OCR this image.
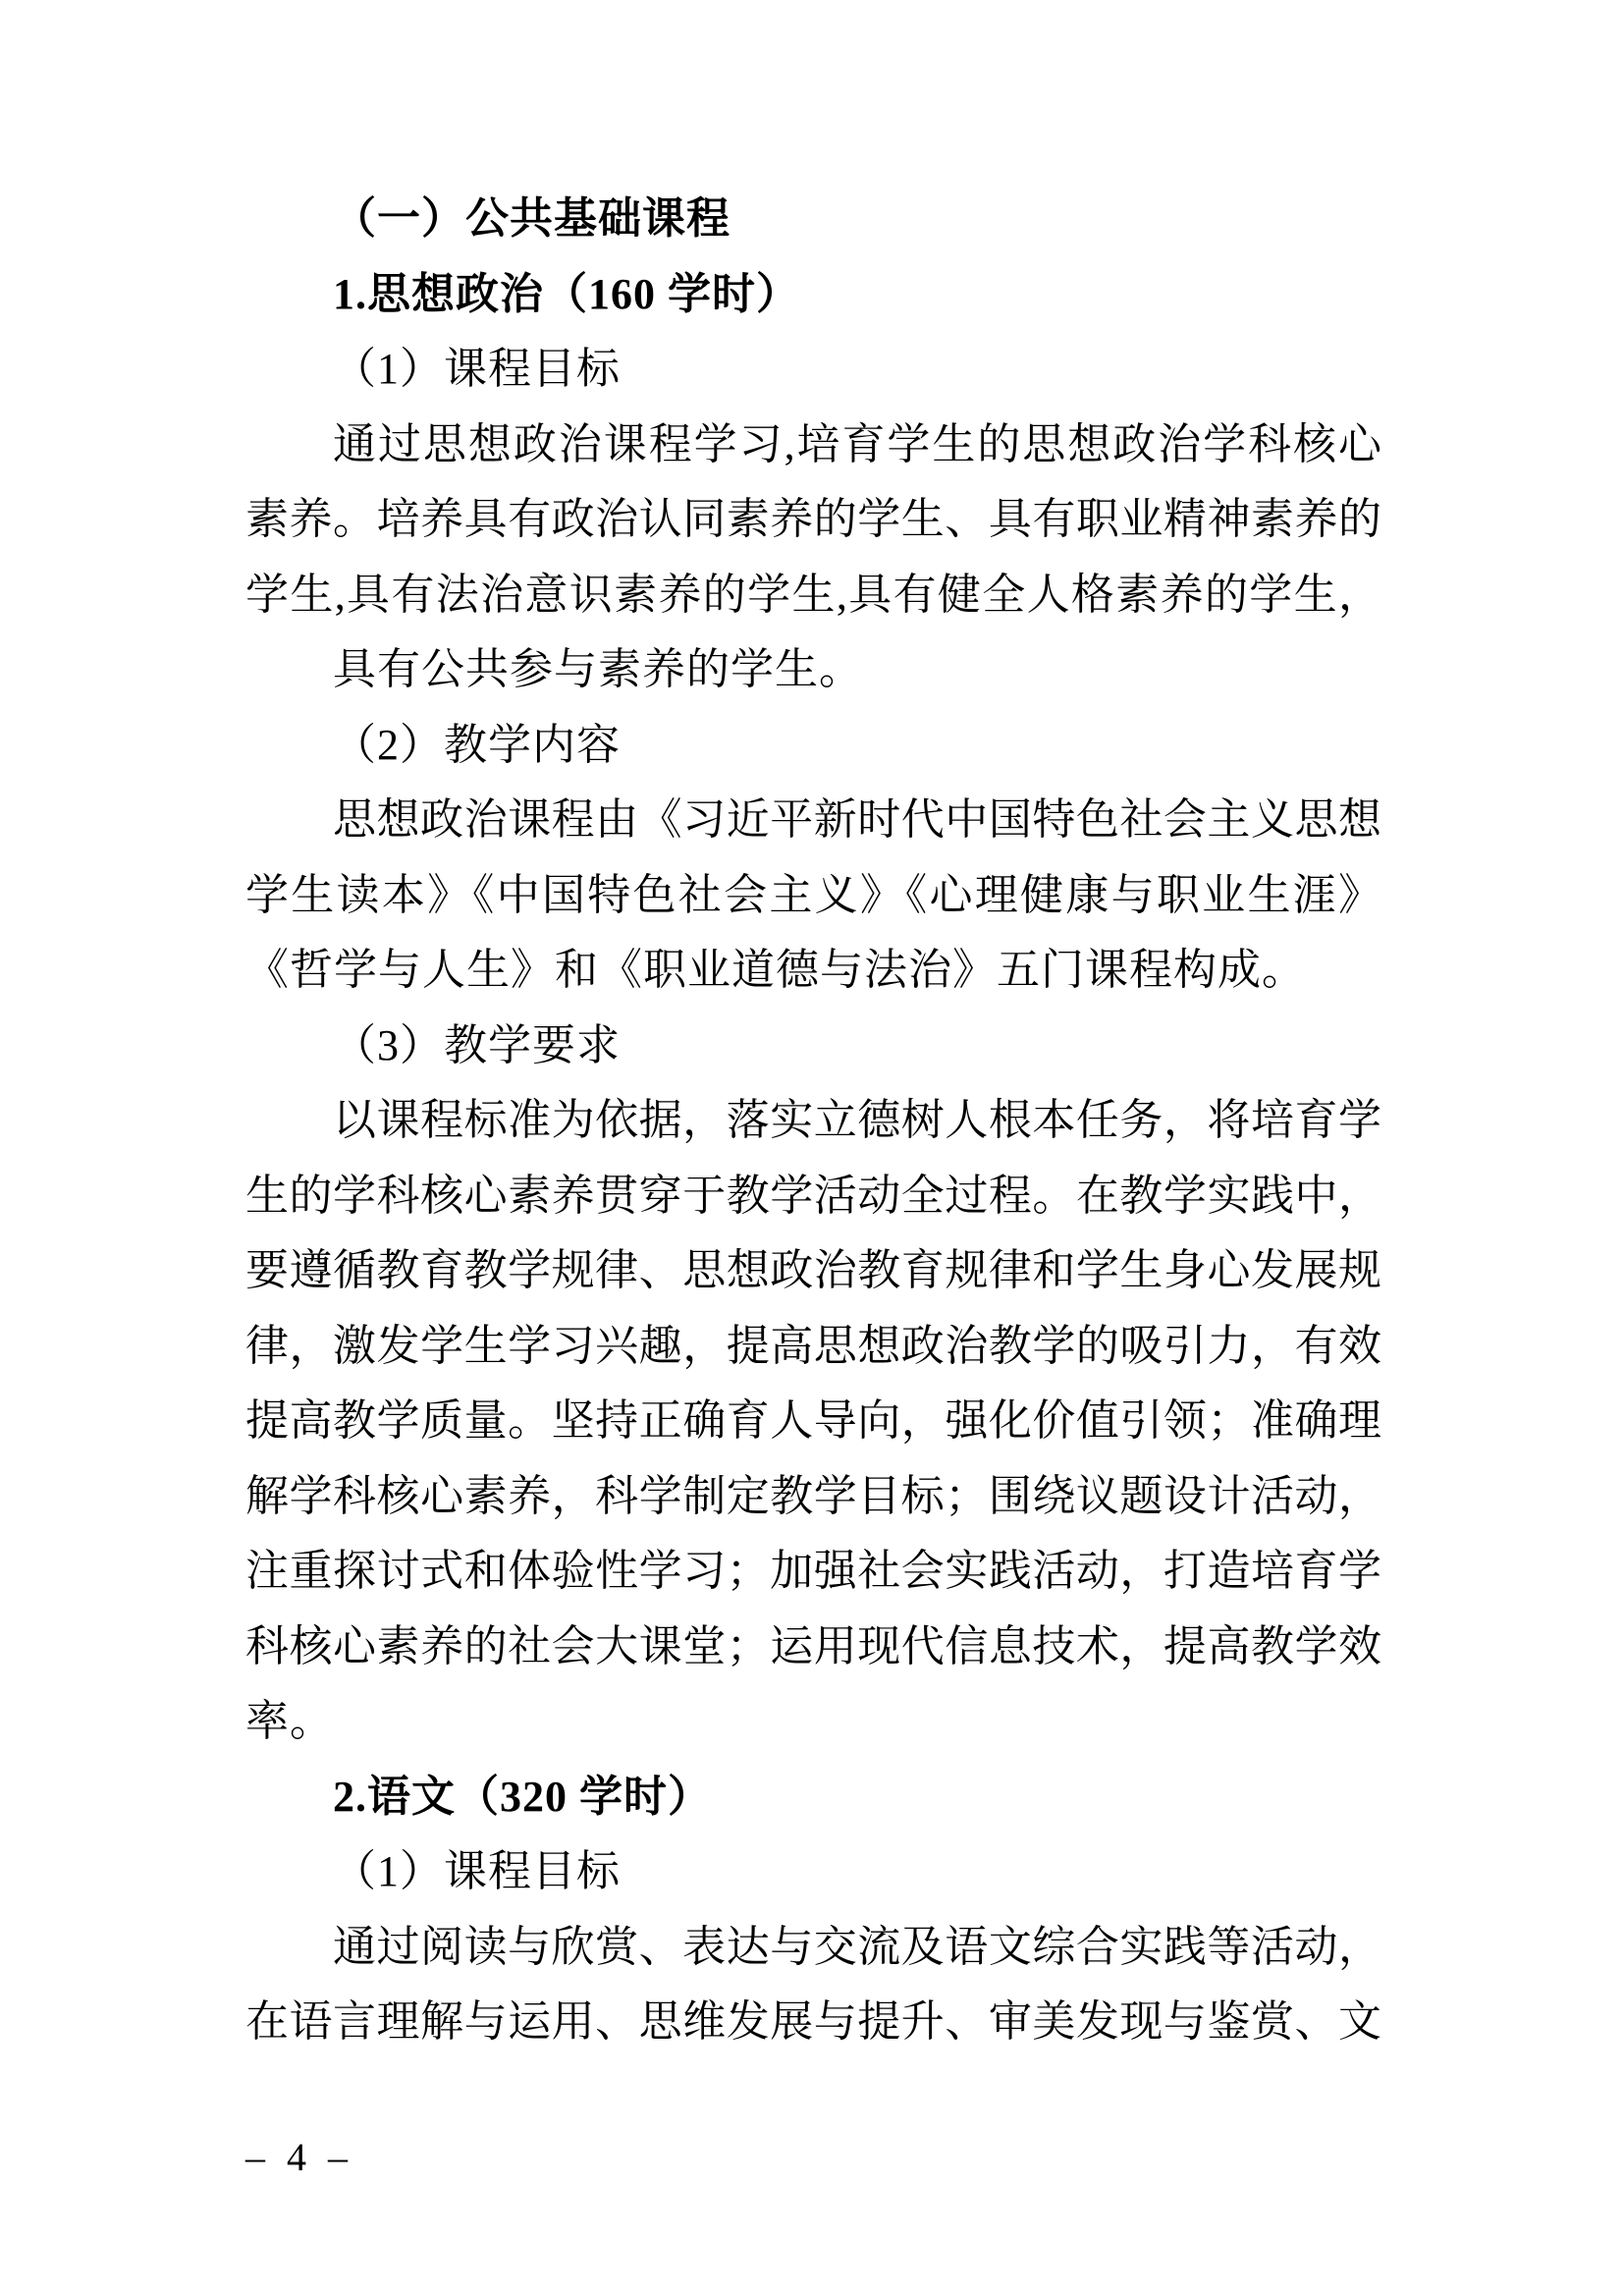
（一）公共基础课程
1.思想政治（160 学时）
（1）课程目标
通过思想政治课程学习,培育学生的思想政治学科核心
素养。培养具有政治认同素养的学生、具有职业精神素养的
学生,具有法治意识素养的学生,具有健全人格素养的学生，
具有公共参与素养的学生。
（2）教学内容
思想政治课程由《习近平新时代中国特色社会主义思想
学生读本》《中国特色社会主义》《心理健康与职业生涯》
《哲学与人生》和《职业道德与法治》五门课程构成。
（3）教学要求
以课程标准为依据，落实立德树人根本任务，将培育学
生的学科核心素养贯穿于教学活动全过程。在教学实践中，
要遵循教育教学规律、思想政治教育规律和学生身心发展规
律，激发学生学习兴趣，提高思想政治教学的吸引力，有效
提高教学质量。坚持正确育人导向，强化价值引领；准确理
解学科核心素养，科学制定教学目标；围绕议题设计活动，
注重探讨式和体验性学习；加强社会实践活动，打造培育学
科核心素养的社会大课堂；运用现代信息技术，提高教学效
率。
2.语文（320 学时）
（1）课程目标
通过阅读与欣赏、表达与交流及语文综合实践等活动，
在语言理解与运用、思维发展与提升、审美发现与鉴赏、文
– 4 –
